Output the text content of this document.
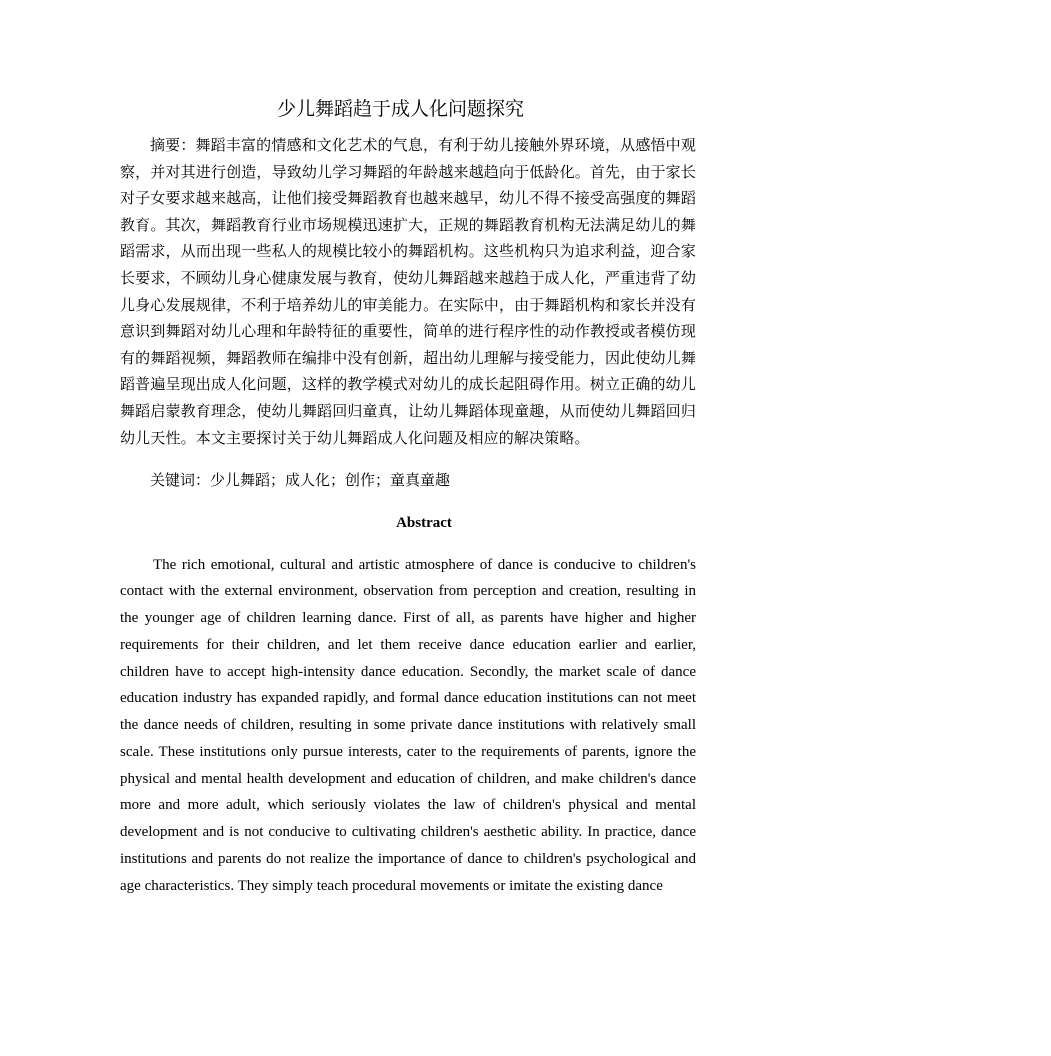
少儿舞蹈趋于成人化问题探究

摘要：舞蹈丰富的情感和文化艺术的气息，有利于幼儿接触外界环境，从感悟中观察，并对其进行创造，导致幼儿学习舞蹈的年龄越来越趋向于低龄化。首先，由于家长对子女要求越来越高，让他们接受舞蹈教育也越来越早，幼儿不得不接受高强度的舞蹈教育。其次，舞蹈教育行业市场规模迅速扩大，正规的舞蹈教育机构无法满足幼儿的舞蹈需求，从而出现一些私人的规模比较小的舞蹈机构。这些机构只为追求利益，迎合家长要求，不顾幼儿身心健康发展与教育，使幼儿舞蹈越来越趋于成人化，严重违背了幼儿身心发展规律，不利于培养幼儿的审美能力。在实际中，由于舞蹈机构和家长并没有意识到舞蹈对幼儿心理和年龄特征的重要性，简单的进行程序性的动作教授或者模仿现有的舞蹈视频，舞蹈教师在编排中没有创新，超出幼儿理解与接受能力，因此使幼儿舞蹈普遍呈现出成人化问题，这样的教学模式对幼儿的成长起阻碍作用。树立正确的幼儿舞蹈启蒙教育理念，使幼儿舞蹈回归童真，让幼儿舞蹈体现童趣，从而使幼儿舞蹈回归幼儿天性。本文主要探讨关于幼儿舞蹈成人化问题及相应的解决策略。

关键词：少儿舞蹈；成人化；创作；童真童趣

Abstract

The rich emotional, cultural and artistic atmosphere of dance is conducive to children's contact with the external environment, observation from perception and creation, resulting in the younger age of children learning dance. First of all, as parents have higher and higher requirements for their children, and let them receive dance education earlier and earlier, children have to accept high-intensity dance education. Secondly, the market scale of dance education industry has expanded rapidly, and formal dance education institutions can not meet the dance needs of children, resulting in some private dance institutions with relatively small scale. These institutions only pursue interests, cater to the requirements of parents, ignore the physical and mental health development and education of children, and make children's dance more and more adult, which seriously violates the law of children's physical and mental development and is not conducive to cultivating children's aesthetic ability. In practice, dance institutions and parents do not realize the importance of dance to children's psychological and age characteristics. They simply teach procedural movements or imitate the existing dance
